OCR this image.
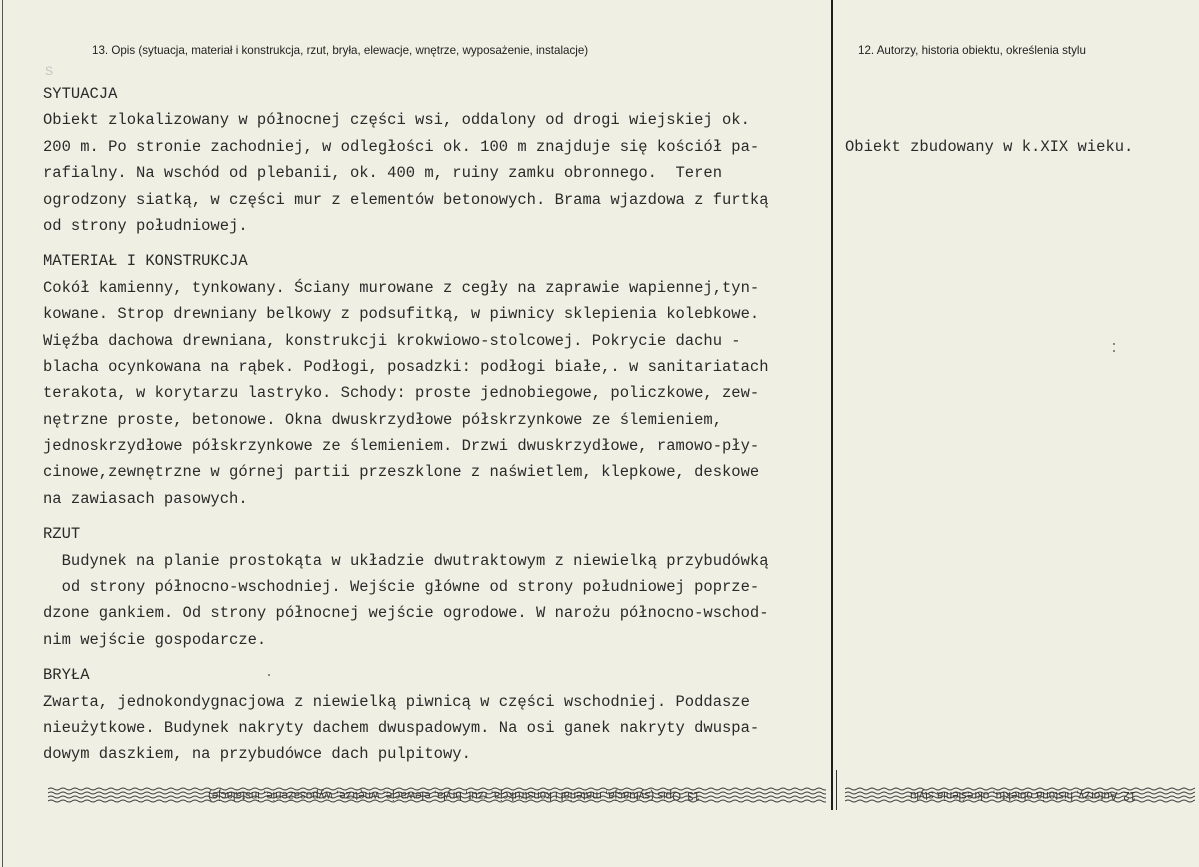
13. Opis (sytuacja, materiał i konstrukcja, rzut, bryła, elewacje, wnętrze, wyposażenie, instalacje)	12. Autorzy, historia obiektu, określenia stylu
S
SYTUACJA
Obiekt zlokalizowany w północnej części wsi, oddalony od drogi wiejskiej ok.
200 m. Po stronie zachodniej, w odległości ok. 100 m znajduje się kościół pa-
rafialny. Na wschód od plebanii, ok. 400 m, ruiny zamku obronnego.  Teren
ogrodzony siatką, w części mur z elementów betonowych. Brama wjazdowa z furtką
od strony południowej.
MATERIAŁ I KONSTRUKCJA
Cokół kamienny, tynkowany. Ściany murowane z cegły na zaprawie wapiennej,tyn-
kowane. Strop drewniany belkowy z podsufitką, w piwnicy sklepienia kolebkowe.
Więźba dachowa drewniana, konstrukcji krokwiowo-stolcowej. Pokrycie dachu -
blacha ocynkowana na rąbek. Podłogi, posadzki: podłogi białe,. w sanitariatach
terakota, w korytarzu lastryko. Schody: proste jednobiegowe, policzkowe, zew-
nętrzne proste, betonowe. Okna dwuskrzydłowe półskrzynkowe ze ślemieniem,
jednoskrzydłowe półskrzynkowe ze ślemieniem. Drzwi dwuskrzydłowe, ramowo-pły-
cinowe,zewnętrzne w górnej partii przeszklone z naświetlem, klepkowe, deskowe
na zawiasach pasowych.
RZUT
Budynek na planie prostokąta w układzie dwutraktowym z niewielką przybudówką
od strony północno-wschodniej. Wejście główne od strony południowej poprze-
dzone gankiem. Od strony północnej wejście ogrodowe. W narożu północno-wschod-
nim wejście gospodarcze.
BRYŁA
Zwarta, jednokondygnacjowa z niewielką piwnicą w części wschodniej. Poddasze
nieużytkowe. Budynek nakryty dachem dwuspadowym. Na osi ganek nakryty dwuspa-
dowym daszkiem, na przybudówce dach pulpitowy.

Obiekt zbudowany w k.XIX wieku.

13. Opis (sytuacja, materiał i konstrukcja, rzut, bryła, elewacje, wnętrze, wyposażenie, instalacje)	12. Autorzy, historia obiektu, określenia stylu
